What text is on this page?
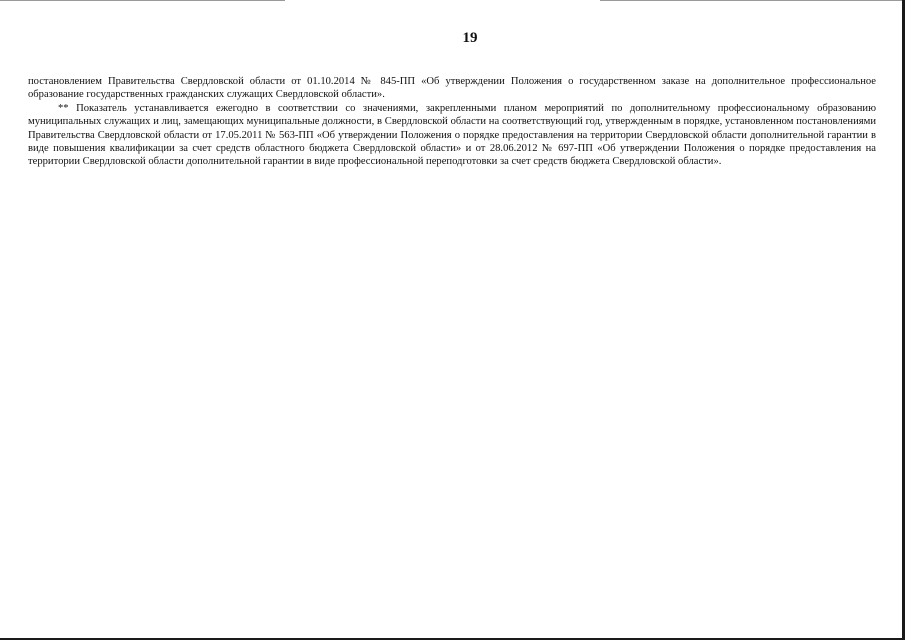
19

постановлением Правительства Свердловской области от 01.10.2014 № 845-ПП «Об утверждении Положения о государственном заказе на дополнительное профессиональное образование государственных гражданских служащих Свердловской области».

** Показатель устанавливается ежегодно в соответствии со значениями, закрепленными планом мероприятий по дополнительному профессиональному образованию муниципальных служащих и лиц, замещающих муниципальные должности, в Свердловской области на соответствующий год, утвержденным в порядке, установленном постановлениями Правительства Свердловской области от 17.05.2011 № 563-ПП «Об утверждении Положения о порядке предоставления на территории Свердловской области дополнительной гарантии в виде повышения квалификации за счет средств областного бюджета Свердловской области» и от 28.06.2012 № 697-ПП «Об утверждении Положения о порядке предоставления на территории Свердловской области дополнительной гарантии в виде профессиональной переподготовки за счет средств бюджета Свердловской области».
